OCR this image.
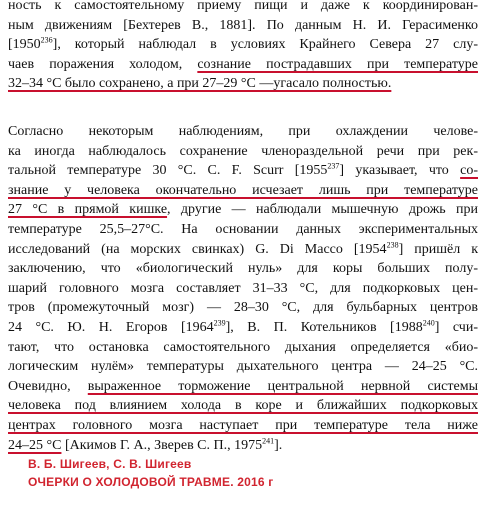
ность к самостоятельному приему пищи и даже к координирован-
ным движениям [Бехтерев В., 1881]. По данным Н. И. Герасименко
[1950$^{236}$], который наблюдал в условиях Крайнего Севера 27 слу-
чаев поражения холодом, сознание пострадавших при температуре
32–34 °С было сохранено, а при 27–29 °С —угасало полностью.
Согласно некоторым наблюдениям, при охлаждении челове-
ка иногда наблюдалось сохранение членораздельной речи при рек-
тальной температуре 30 °С. С. F. Scurr [1955$^{237}$] указывает, что со-
знание у человека окончательно исчезает лишь при температуре
27 °С в прямой кишке, другие — наблюдали мышечную дрожь при
температуре 25,5–27°С. На основании данных экспериментальных
исследований (на морских свинках) G. Di Macco [1954$^{238}$] пришёл к
заключению, что «биологический нуль» для коры больших полу-
шарий головного мозга составляет 31–33 °С, для подкорковых цен-
тров (промежуточный мозг) — 28–30 °С, для бульбарных центров
24 °С. Ю. Н. Егоров [1964$^{239}$], В. П. Котельников [1988$^{240}$] счи-
тают, что остановка самостоятельного дыхания определяется «био-
логическим нулём» температуры дыхательного центра — 24–25 °С.
Очевидно, выраженное торможение центральной нервной системы
человека под влиянием холода в коре и ближайших подкорковых
центрах головного мозга наступает при температуре тела ниже
24–25 °С [Акимов Г. А., Зверев С. П., 1975$^{241}$].
В. Б. Шигеев, С. В. Шигеев
ОЧЕРКИ О ХОЛОДОВОЙ ТРАВМЕ. 2016 г
